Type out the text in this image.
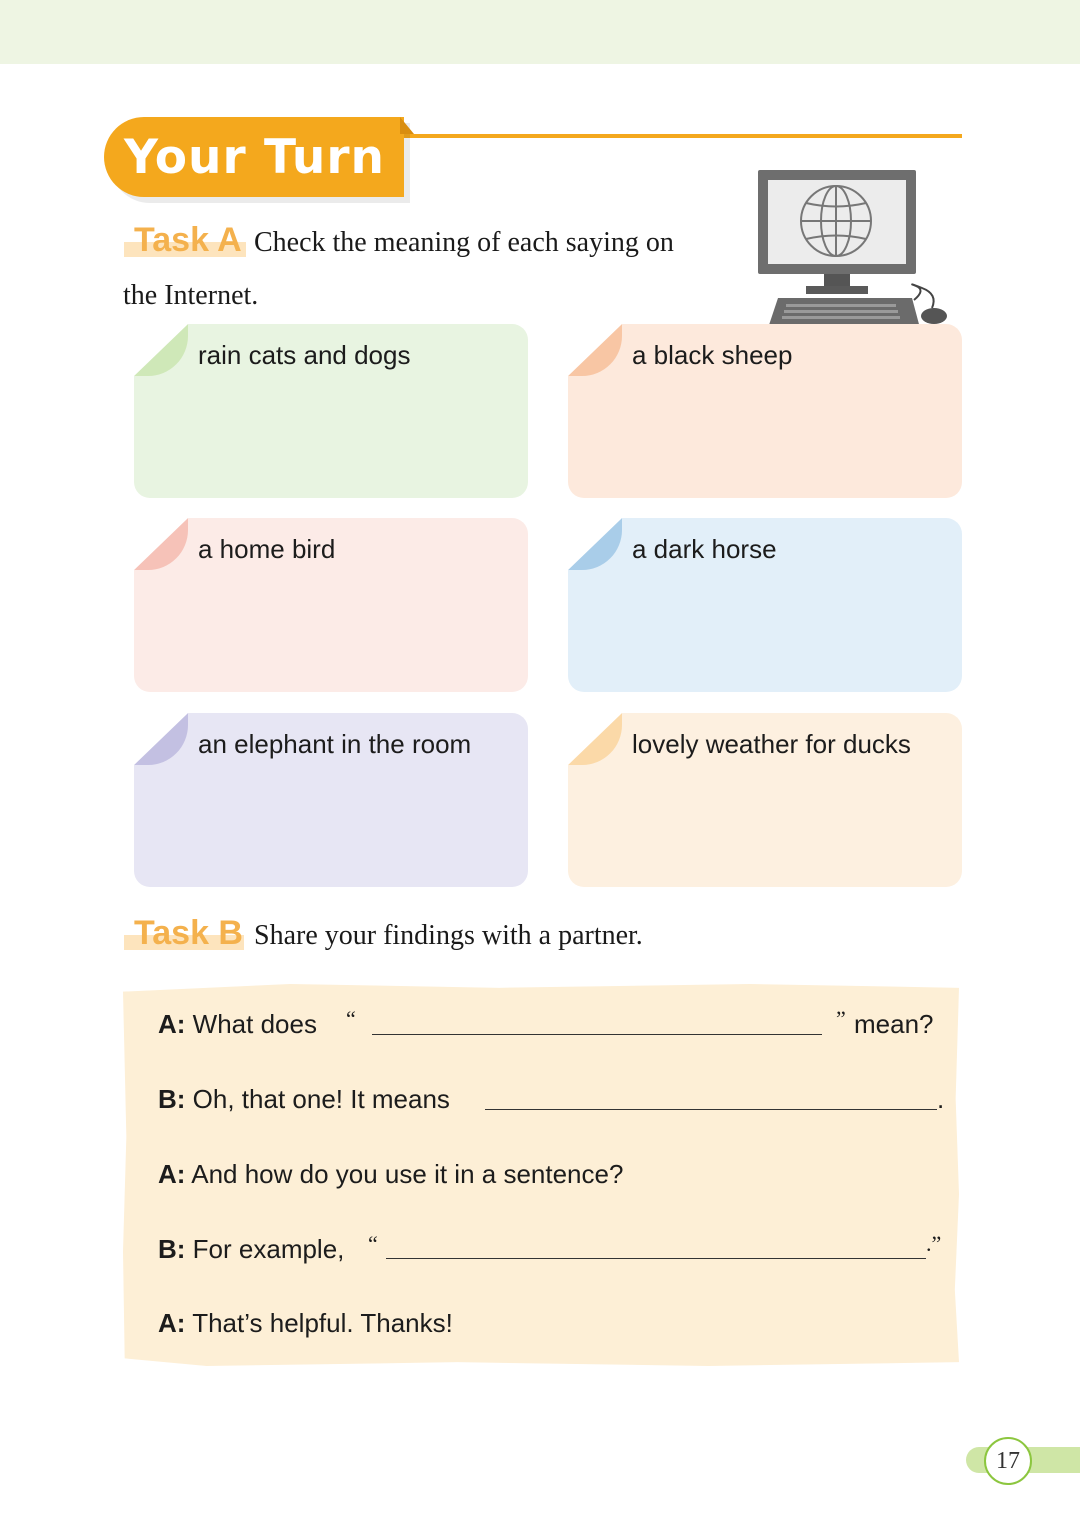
Your Turn
Task A Check the meaning of each saying on
the Internet.
rain cats and dogs	a black sheep
a home bird	a dark horse
an elephant in the room	lovely weather for ducks
Task B Share your findings with a partner.
A: What does “	” mean?
B: Oh, that one! It means	.
A: And how do you use it in a sentence?
B: For example, “	.”
A: That’s helpful. Thanks!
17
